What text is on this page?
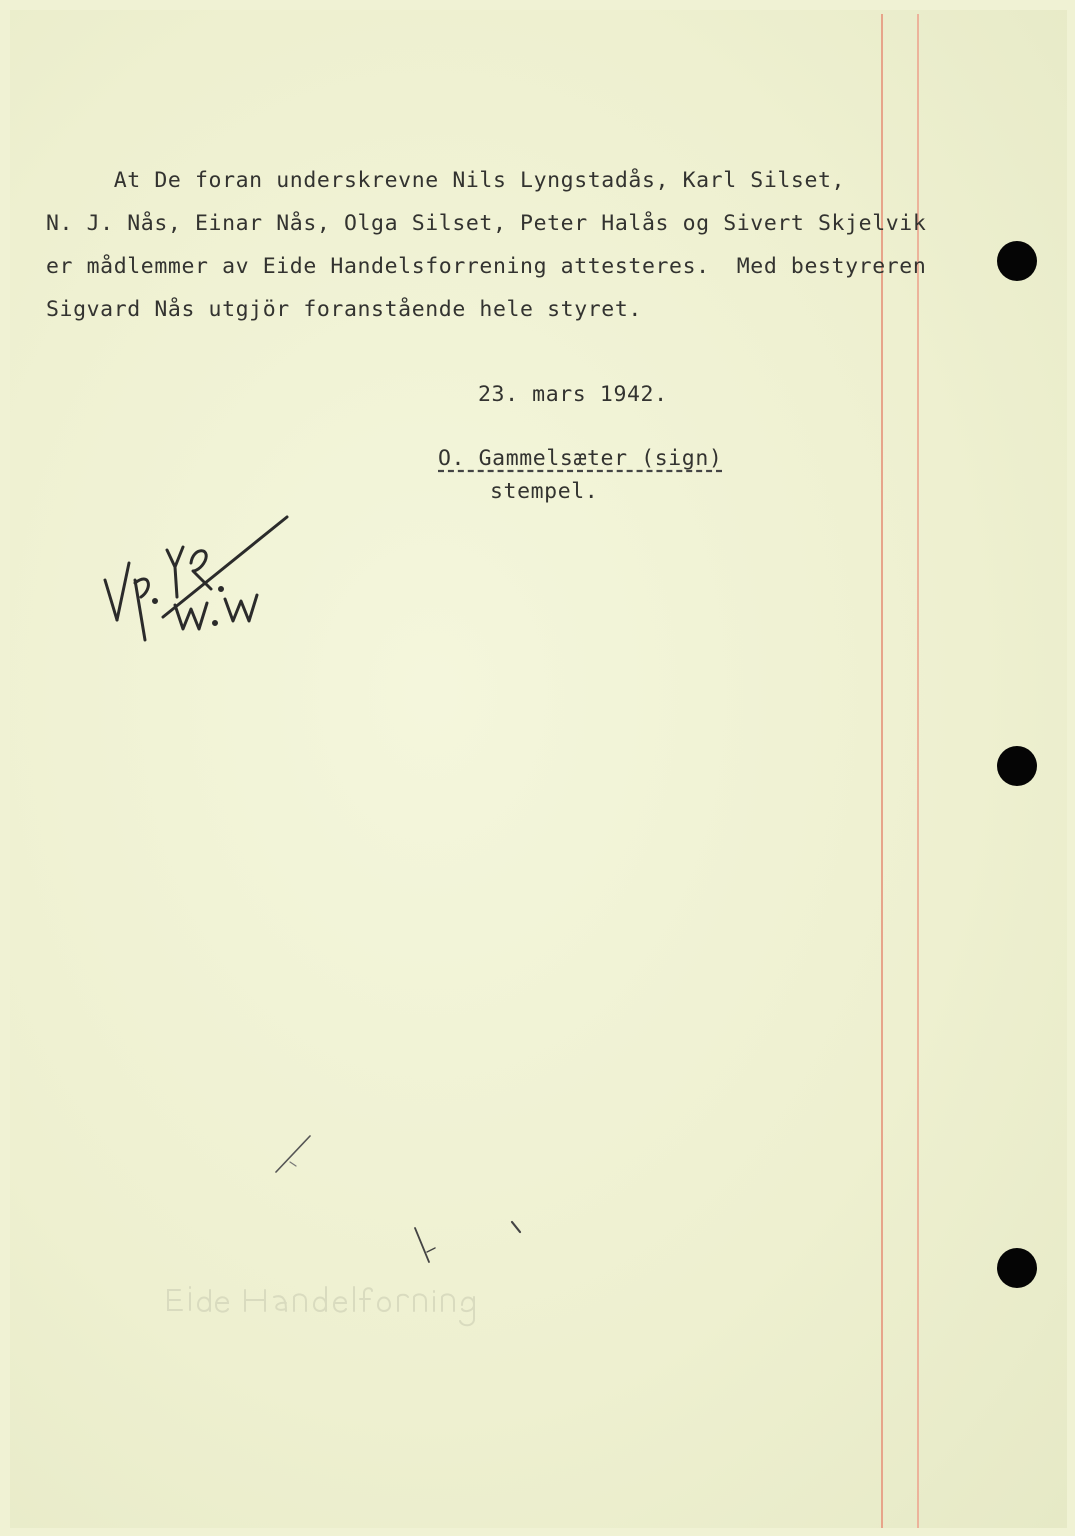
At De foran underskrevne Nils Lyngstadås, Karl Silset,

N. J. Nås, Einar Nås, Olga Silset, Peter Halås og Sivert Skjelvik

er mådlemmer av Eide Handelsforrening attesteres.  Med bestyreren

Sigvard Nås utgjör foranstående hele styret.

23. mars 1942.

O. Gammelsæter (sign)

stempel.
